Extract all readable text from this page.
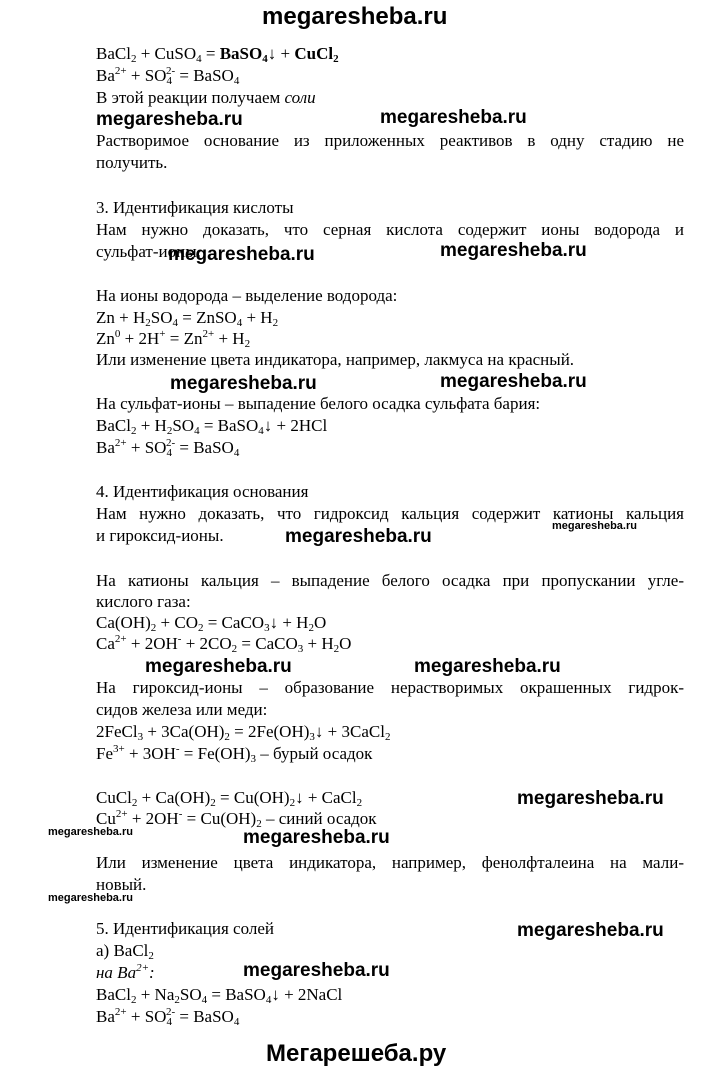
megaresheba.ru
BaCl$_2$ + CuSO$_4$ = BaSO$_4$↓ + CuCl$_2$
$Ba^{2+} + SO_4^{2-}$ = BaSO$_4$
В этой реакции получаем соли
megaresheba.ru	megaresheba.ru
Растворимое основание из приложенных реактивов в одну стадию не
получить.
3. Идентификация кислоты
Нам нужно доказать, что серная кислота содержит ионы водорода и
сульфат-ионы.
megaresheba.ru	megaresheba.ru
На ионы водорода – выделение водорода:
$Zn + H_2SO_4$ = ZnSO$_4$ + $H_2$
$Zn^0 + 2H^+ = Zn^{2+} + H_2$
Или изменение цвета индикатора, например, лакмуса на красный.
megaresheba.ru	megaresheba.ru
На сульфат-ионы – выпадение белого осадка сульфата бария:
BaCl$_2$ + $H_2SO_4$ = BaSO$_4$↓ + 2HCl
$Ba^{2+} + SO_4^{2-}$ = BaSO$_4$
4. Идентификация основания
Нам нужно доказать, что гидроксид кальция содержит катионы кальция
megaresheba.ru
и гироксид-ионы.	megaresheba.ru
На катионы кальция – выпадение белого осадка при пропускании угле-
кислого газа:
$Ca(OH)_2 + CO_2$ = CaCO$_3$↓ + $H_2O$
$Ca^{2+} + 2OH^- + 2CO_2$ = CaCO$_3$ + $H_2O$
megaresheba.ru	megaresheba.ru
На гироксид-ионы – образование нерастворимых окрашенных гидрок-
сидов железа или меди:
2FeCl$_3$ + $3Ca(OH)_2$ = $2Fe(OH)_3↓$ + 3CaCl$_2$
$Fe^{3+} + 3OH^- = Fe(OH)_3$ – бурый осадок
CuCl$_2$ + $Ca(OH)_2$ = $Cu(OH)_2↓$ + CaCl$_2$	megaresheba.ru
$Cu^{2+} + 2OH^- = Cu(OH)_2$ – синий осадок
megaresheba.ru	megaresheba.ru
Или изменение цвета индикатора, например, фенолфталеина на мали-
новый.
megaresheba.ru
5. Идентификация солей	megaresheba.ru
а) BaCl$_2$
на $Ba^{2+}$:	megaresheba.ru
BaCl$_2$ + $Na_2SO_4$ = BaSO$_4$↓ + 2NaCl
$Ba^{2+} + SO_4^{2-}$ = BaSO$_4$
Мегарешеба.ру
